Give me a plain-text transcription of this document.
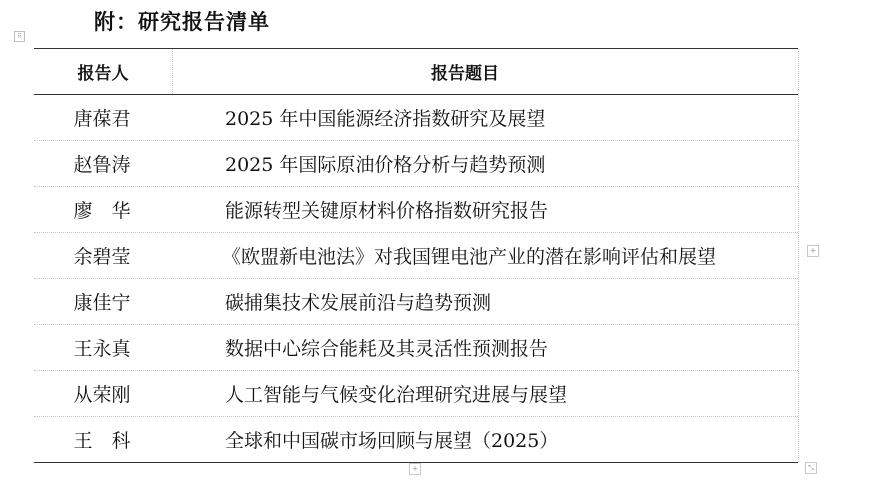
附：研究报告清单
⠿
报告人	报告题目
唐葆君	2025 年中国能源经济指数研究及展望
赵鲁涛	2025 年国际原油价格分析与趋势预测
廖　华	能源转型关键原材料价格指数研究报告
余碧莹	《欧盟新电池法》对我国锂电池产业的潜在影响评估和展望
康佳宁	碳捕集技术发展前沿与趋势预测
王永真	数据中心综合能耗及其灵活性预测报告
从荣刚	人工智能与气候变化治理研究进展与展望
王　科	全球和中国碳市场回顾与展望（2025）
+
+	⤡
